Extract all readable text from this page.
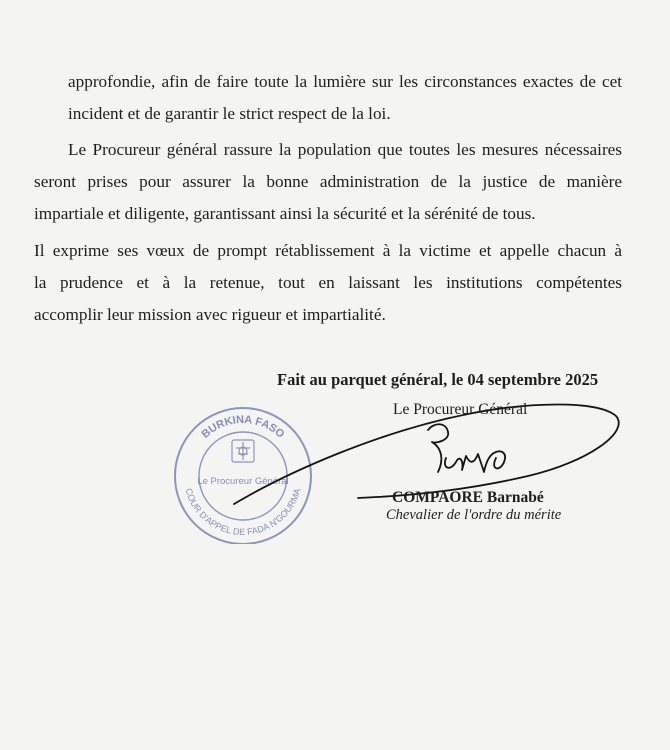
approfondie, afin de faire toute la lumière sur les circonstances exactes de cet
incident et de garantir le strict respect de la loi.

Le Procureur général rassure la population que toutes les mesures nécessaires
seront prises pour assurer la bonne administration de la justice de manière
impartiale et diligente, garantissant ainsi la sécurité et la sérénité de tous.

Il exprime ses vœux de prompt rétablissement à la victime et appelle chacun à
la prudence et à la retenue, tout en laissant les institutions compétentes
accomplir leur mission avec rigueur et impartialité.

Fait au parquet général, le 04 septembre 2025
BURKINA FASO
COUR D'APPEL DE FADA N'GOURMA
Le Procureur Général
Le Procureur Général
COMPAORE Barnabé
Chevalier de l'ordre du mérite
